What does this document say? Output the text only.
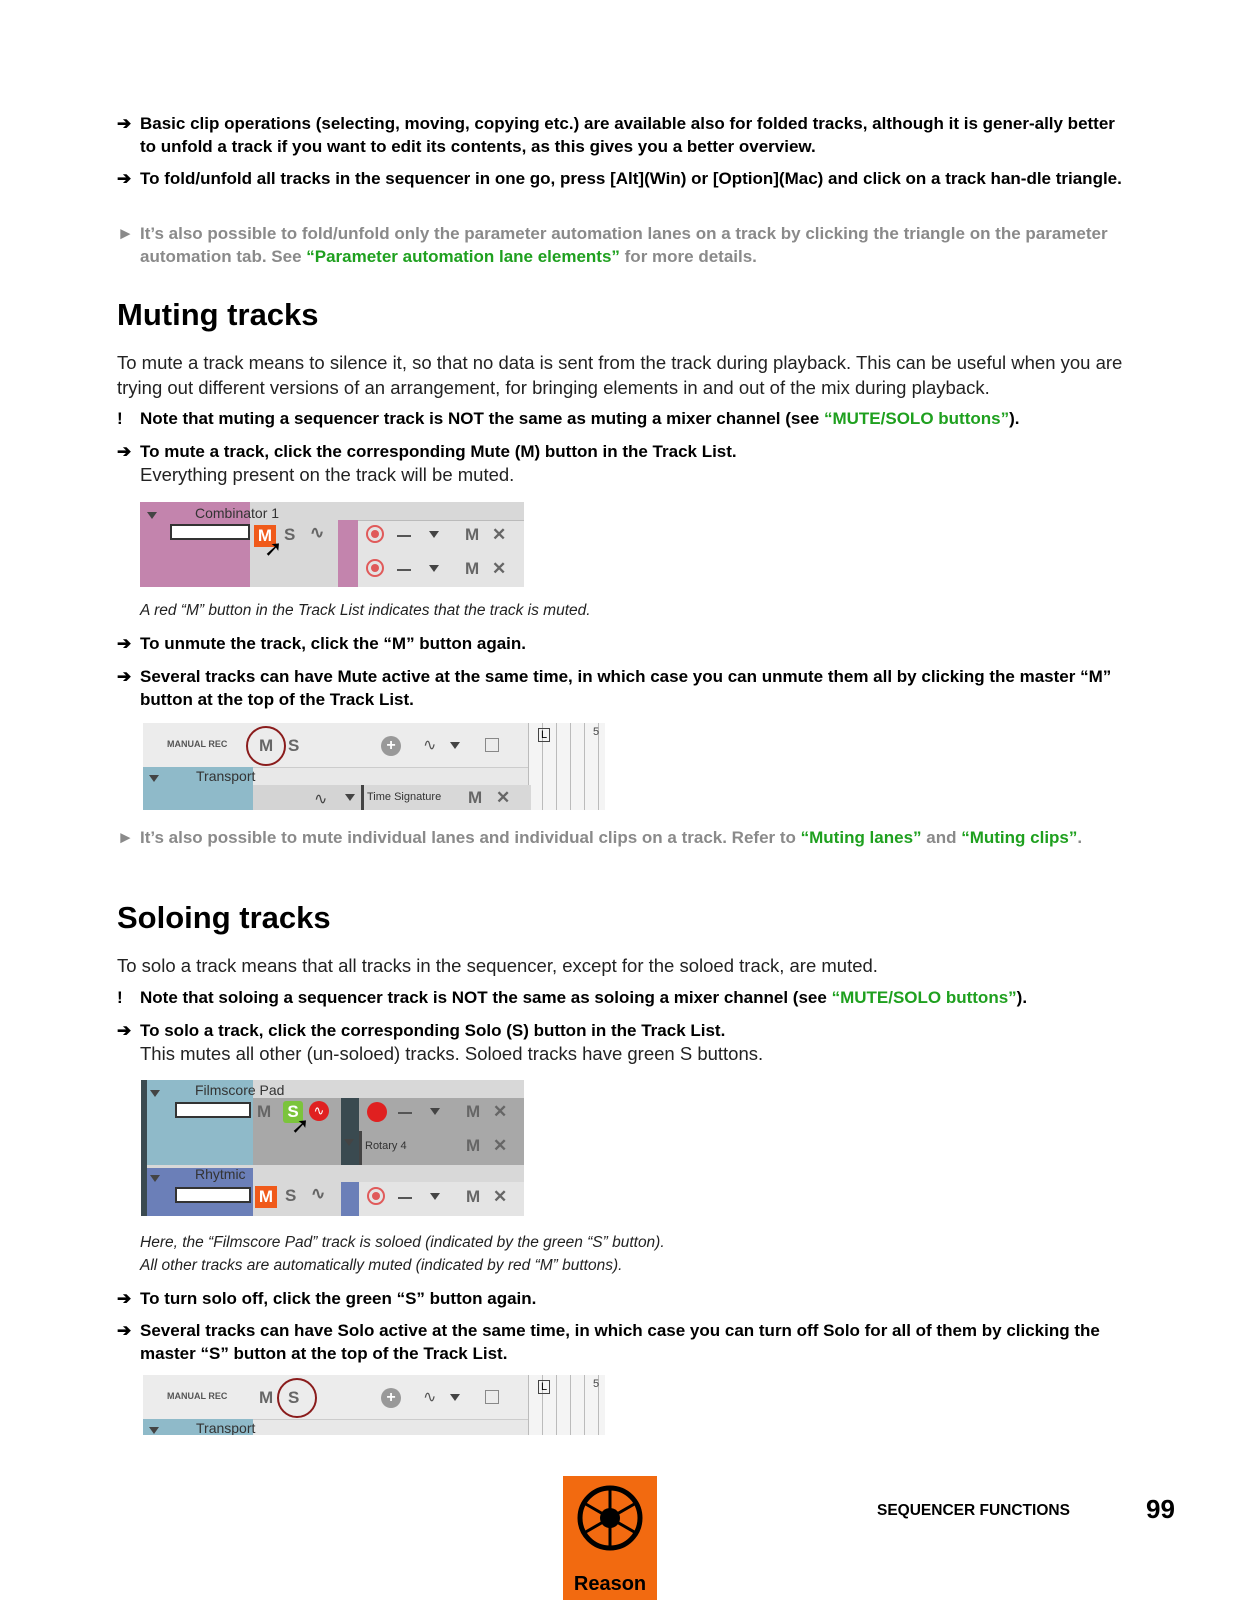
➔ Basic clip operations (selecting, moving, copying etc.) are available also for folded tracks, although it is gener-ally better to unfold a track if you want to edit its contents, as this gives you a better overview.
➔ To fold/unfold all tracks in the sequencer in one go, press [Alt](Win) or [Option](Mac) and click on a track han-dle triangle.
► It’s also possible to fold/unfold only the parameter automation lanes on a track by clicking the triangle on the parameter automation tab. See “Parameter automation lane elements” for more details.
Muting tracks
To mute a track means to silence it, so that no data is sent from the track during playback. This can be useful when you are trying out different versions of an arrangement, for bringing elements in and out of the mix during playback.
!	Note that muting a sequencer track is NOT the same as muting a mixer channel (see “MUTE/SOLO buttons”).
➔ To mute a track, click the corresponding Mute (M) button in the Track List.
Everything present on the track will be muted.
Combinator 1
M
➚
S ∿	M ✕
M ✕
A red “M” button in the Track List indicates that the track is muted.
➔ To unmute the track, click the “M” button again.
➔ Several tracks can have Mute active at the same time, in which case you can unmute them all by clicking the master “M” button at the top of the Track List.
MANUAL REC M S	+	∿
L	5
Transport
∿	Time Signature M ✕
► It’s also possible to mute individual lanes and individual clips on a track. Refer to “Muting lanes” and “Muting clips”.
Soloing tracks
To solo a track means that all tracks in the sequencer, except for the soloed track, are muted.
!	Note that soloing a sequencer track is NOT the same as soloing a mixer channel (see “MUTE/SOLO buttons”).
➔ To solo a track, click the corresponding Solo (S) button in the Track List.
This mutes all other (un-soloed) tracks. Soloed tracks have green S buttons.
Filmscore Pad
M S
➚
∿	M ✕
Rotary 4	M ✕
Rhytmic
M S ∿	M ✕
Here, the “Filmscore Pad” track is soloed (indicated by the green “S” button).
All other tracks are automatically muted (indicated by red “M” buttons).
➔ To turn solo off, click the green “S” button again.
➔ Several tracks can have Solo active at the same time, in which case you can turn off Solo for all of them by clicking the master “S” button at the top of the Track List.
MANUAL REC M S	+	∿
L	5
Transport
Reason
SEQUENCER FUNCTIONS	99
